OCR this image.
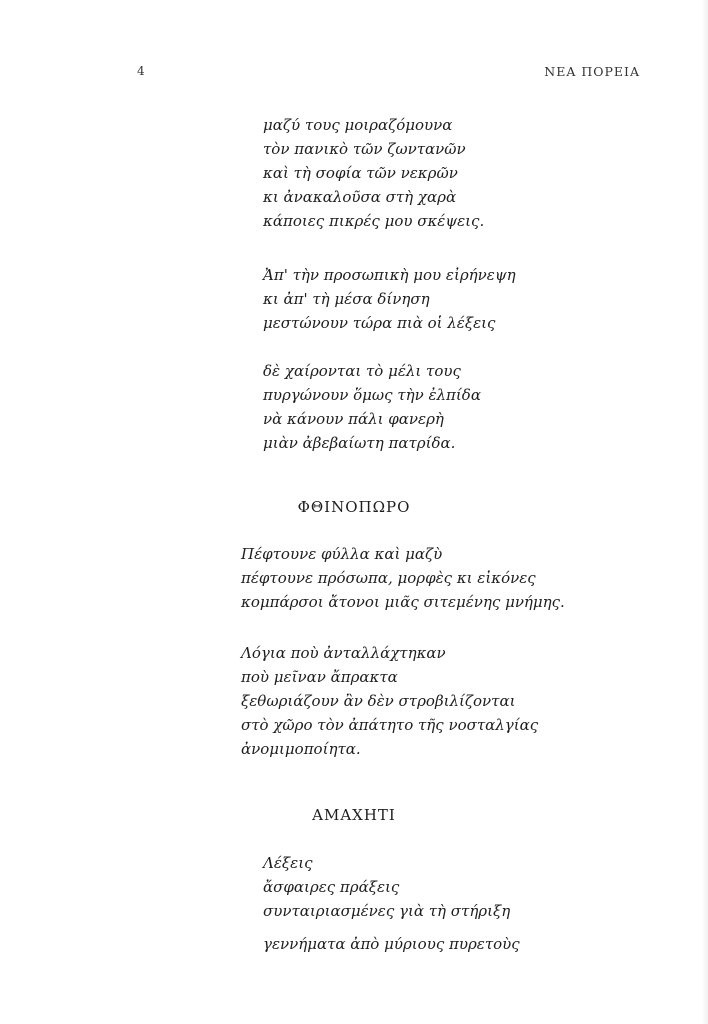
4	ΝΕΑ ΠΟΡΕΙΑ
μαζύ τους μοιραζόμουνα
τὸν πανικὸ τῶν ζωντανῶν
καὶ τὴ σοφία τῶν νεκρῶν
κι ἀνακαλοῦσα στὴ χαρὰ
κάποιες πικρές μου σκέψεις.
Ἀπ' τὴν προσωπικὴ μου εἰρήνεψη
κι ἀπ' τὴ μέσα δίνηση
μεστώνουν τώρα πιὰ οἱ λέξεις
δὲ χαίρονται τὸ μέλι τους
πυργώνουν ὅμως τὴν ἐλπίδα
νὰ κάνουν πάλι φανερὴ
μιὰν ἀβεβαίωτη πατρίδα.
ΦΘΙΝΟΠΩΡΟ
Πέφτουνε φύλλα καὶ μαζὺ
πέφτουνε πρόσωπα, μορφὲς κι εἰκόνες
κομπάρσοι ἄτονοι μιᾶς σιτεμένης μνήμης.
Λόγια ποὺ ἀνταλλάχτηκαν
ποὺ μεῖναν ἄπρακτα
ξεθωριάζουν ἂν δὲν στροβιλίζονται
στὸ χῶρο τὸν ἀπάτητο τῆς νοσταλγίας
ἀνομιμοποίητα.
ΑΜΑΧΗΤΙ
Λέξεις
ἄσφαιρες πράξεις
συνταιριασμένες γιὰ τὴ στήριξη
γεννήματα ἀπὸ μύριους πυρετοὺς
